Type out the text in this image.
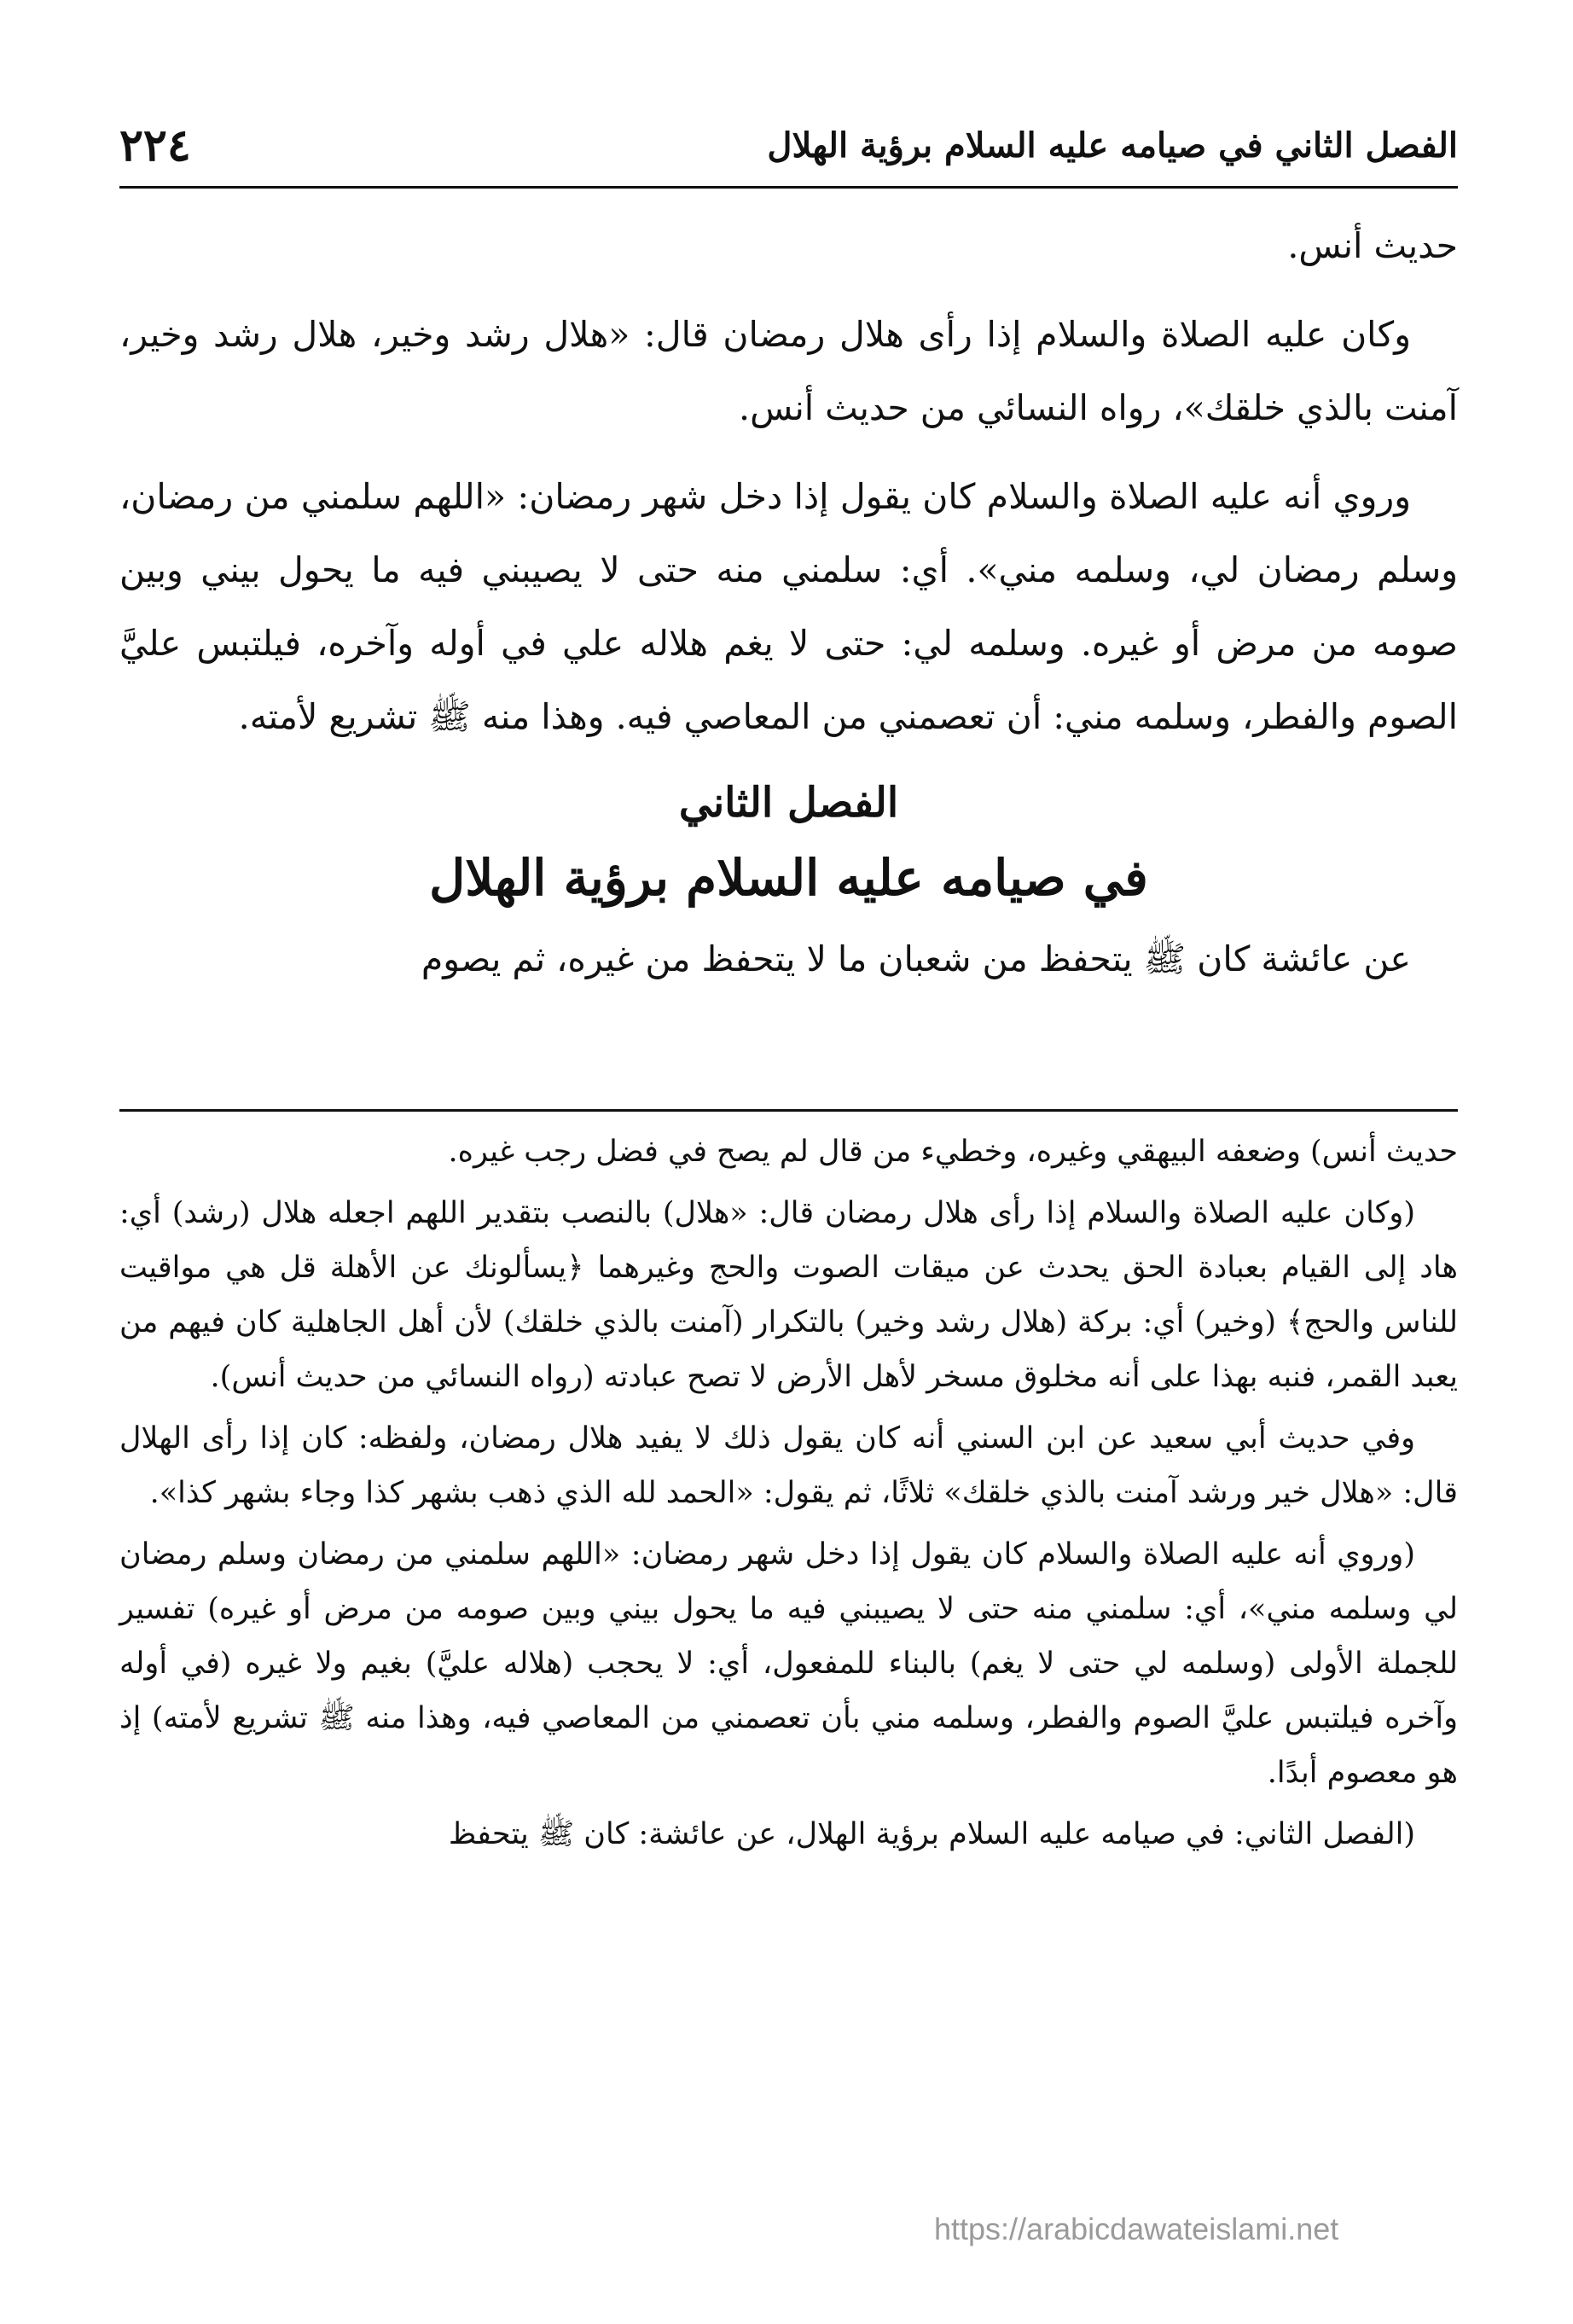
الفصل الثاني في صيامه عليه السلام برؤية الهلال
٢٢٤

حديث أنس.

وكان عليه الصلاة والسلام إذا رأى هلال رمضان قال: «هلال رشد وخير، هلال رشد وخير، آمنت بالذي خلقك»، رواه النسائي من حديث أنس.

وروي أنه عليه الصلاة والسلام كان يقول إذا دخل شهر رمضان: «اللهم سلمني من رمضان، وسلم رمضان لي، وسلمه مني». أي: سلمني منه حتى لا يصيبني فيه ما يحول بيني وبين صومه من مرض أو غيره. وسلمه لي: حتى لا يغم هلاله علي في أوله وآخره، فيلتبس عليَّ الصوم والفطر، وسلمه مني: أن تعصمني من المعاصي فيه. وهذا منه ﷺ تشريع لأمته.

الفصل الثاني
في صيامه عليه السلام برؤية الهلال

عن عائشة كان ﷺ يتحفظ من شعبان ما لا يتحفظ من غيره، ثم يصوم

حديث أنس) وضعفه البيهقي وغيره، وخطيء من قال لم يصح في فضل رجب غيره.

(وكان عليه الصلاة والسلام إذا رأى هلال رمضان قال: «هلال) بالنصب بتقدير اللهم اجعله هلال (رشد) أي: هاد إلى القيام بعبادة الحق يحدث عن ميقات الصوت والحج وغيرهما ﴿يسألونك عن الأهلة قل هي مواقيت للناس والحج﴾ (وخير) أي: بركة (هلال رشد وخير) بالتكرار (آمنت بالذي خلقك) لأن أهل الجاهلية كان فيهم من يعبد القمر، فنبه بهذا على أنه مخلوق مسخر لأهل الأرض لا تصح عبادته (رواه النسائي من حديث أنس).

وفي حديث أبي سعيد عن ابن السني أنه كان يقول ذلك لا يفيد هلال رمضان، ولفظه: كان إذا رأى الهلال قال: «هلال خير ورشد آمنت بالذي خلقك» ثلاثًا، ثم يقول: «الحمد لله الذي ذهب بشهر كذا وجاء بشهر كذا».

(وروي أنه عليه الصلاة والسلام كان يقول إذا دخل شهر رمضان: «اللهم سلمني من رمضان وسلم رمضان لي وسلمه مني»، أي: سلمني منه حتى لا يصيبني فيه ما يحول بيني وبين صومه من مرض أو غيره) تفسير للجملة الأولى (وسلمه لي حتى لا يغم) بالبناء للمفعول، أي: لا يحجب (هلاله عليَّ) بغيم ولا غيره (في أوله وآخره فيلتبس عليَّ الصوم والفطر، وسلمه مني بأن تعصمني من المعاصي فيه، وهذا منه ﷺ تشريع لأمته) إذ هو معصوم أبدًا.

(الفصل الثاني: في صيامه عليه السلام برؤية الهلال، عن عائشة: كان ﷺ يتحفظ

https://arabicdawateislami.net
